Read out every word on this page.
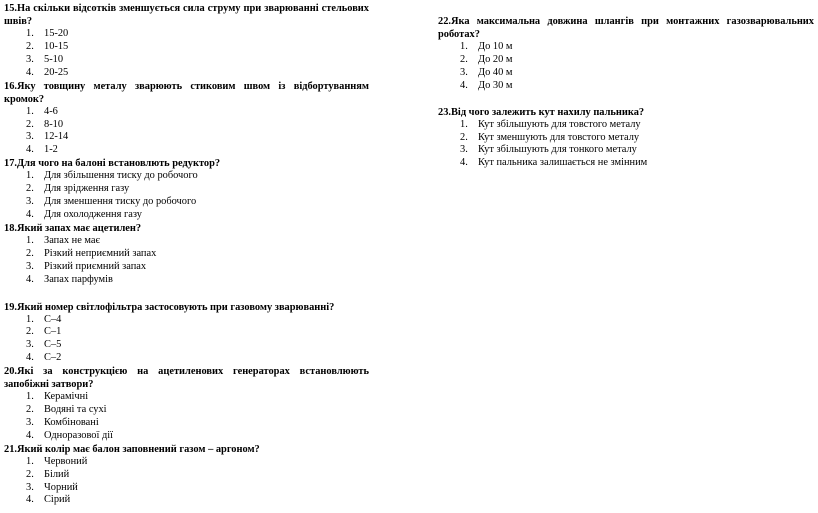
15.На скільки відсотків зменшується сила струму при зварюванні стельових швів?
1. 15-20
2. 10-15
3. 5-10
4. 20-25
16.Яку товщину металу зварюють стиковим швом із відбортуванням кромок?
1. 4-6
2. 8-10
3. 12-14
4. 1-2
17.Для чого на балоні встановлють редуктор?
1. Для збільшення тиску до робочого
2. Для зрідження газу
3. Для зменшення тиску до робочого
4. Для охолодження газу
18.Який запах має ацетилен?
1. Запах не має
2. Різкий неприємний запах
3. Різкий приємний запах
4. Запах парфумів
19.Який номер світлофільтра застосовують при газовому зварюванні?
1. С–4
2. С–1
3. С–5
4. С–2
20.Які за конструкцією на ацетиленових генераторах встановлюють запобіжні затвори?
1. Керамічні
2. Водяні та сухі
3. Комбіновані
4. Одноразової дії
21.Який колір має балон заповнений газом – аргоном?
1. Червоний
2. Білий
3. Чорний
4. Сірий
22.Яка максимальна довжина шлангів при монтажних газозварювальних роботах?
1. До 10 м
2. До 20 м
3. До 40 м
4. До 30 м
23.Від чого залежить кут нахилу пальника?
1. Кут збільшують для товстого металу
2. Кут зменшують для товстого металу
3. Кут збільшують для тонкого металу
4. Кут пальника залишається не змінним
